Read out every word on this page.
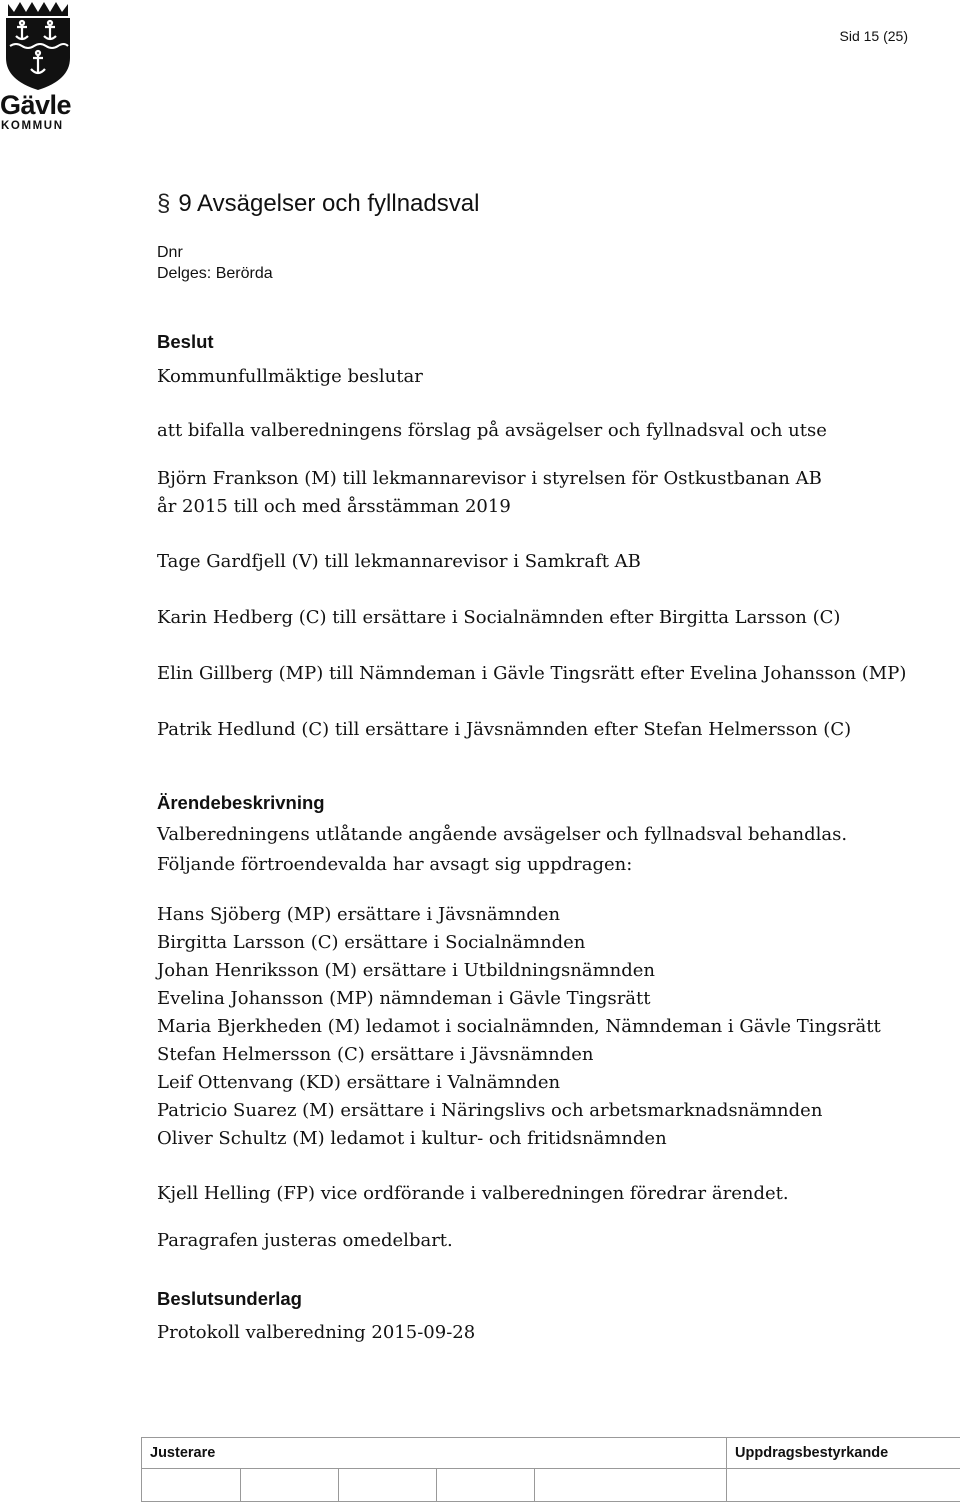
Gävle
KOMMUN
Sid 15 (25)
§ 9 Avsägelser och fyllnadsval
Dnr
Delges: Berörda
Beslut
Kommunfullmäktige beslutar
att bifalla valberedningens förslag på avsägelser och fyllnadsval och utse
Björn Frankson (M) till lekmannarevisor i styrelsen för Ostkustbanan AB
år 2015 till och med årsstämman 2019
Tage Gardfjell (V) till lekmannarevisor i Samkraft AB
Karin Hedberg (C) till ersättare i Socialnämnden efter Birgitta Larsson (C)
Elin Gillberg (MP) till Nämndeman i Gävle Tingsrätt efter Evelina Johansson (MP)
Patrik Hedlund (C) till ersättare i Jävsnämnden efter Stefan Helmersson (C)
Ärendebeskrivning
Valberedningens utlåtande angående avsägelser och fyllnadsval behandlas.
Följande förtroendevalda har avsagt sig uppdragen:
Hans Sjöberg (MP) ersättare i Jävsnämnden
Birgitta Larsson (C) ersättare i Socialnämnden
Johan Henriksson (M) ersättare i Utbildningsnämnden
Evelina Johansson (MP) nämndeman i Gävle Tingsrätt
Maria Bjerkheden (M) ledamot i socialnämnden, Nämndeman i Gävle Tingsrätt
Stefan Helmersson (C) ersättare i Jävsnämnden
Leif Ottenvang (KD) ersättare i Valnämnden
Patricio Suarez (M) ersättare i Näringslivs och arbetsmarknadsnämnden
Oliver Schultz (M) ledamot i kultur- och fritidsnämnden
Kjell Helling (FP) vice ordförande i valberedningen föredrar ärendet.
Paragrafen justeras omedelbart.
Beslutsunderlag
Protokoll valberedning 2015-09-28
Justerare					Uppdragsbestyrkande
